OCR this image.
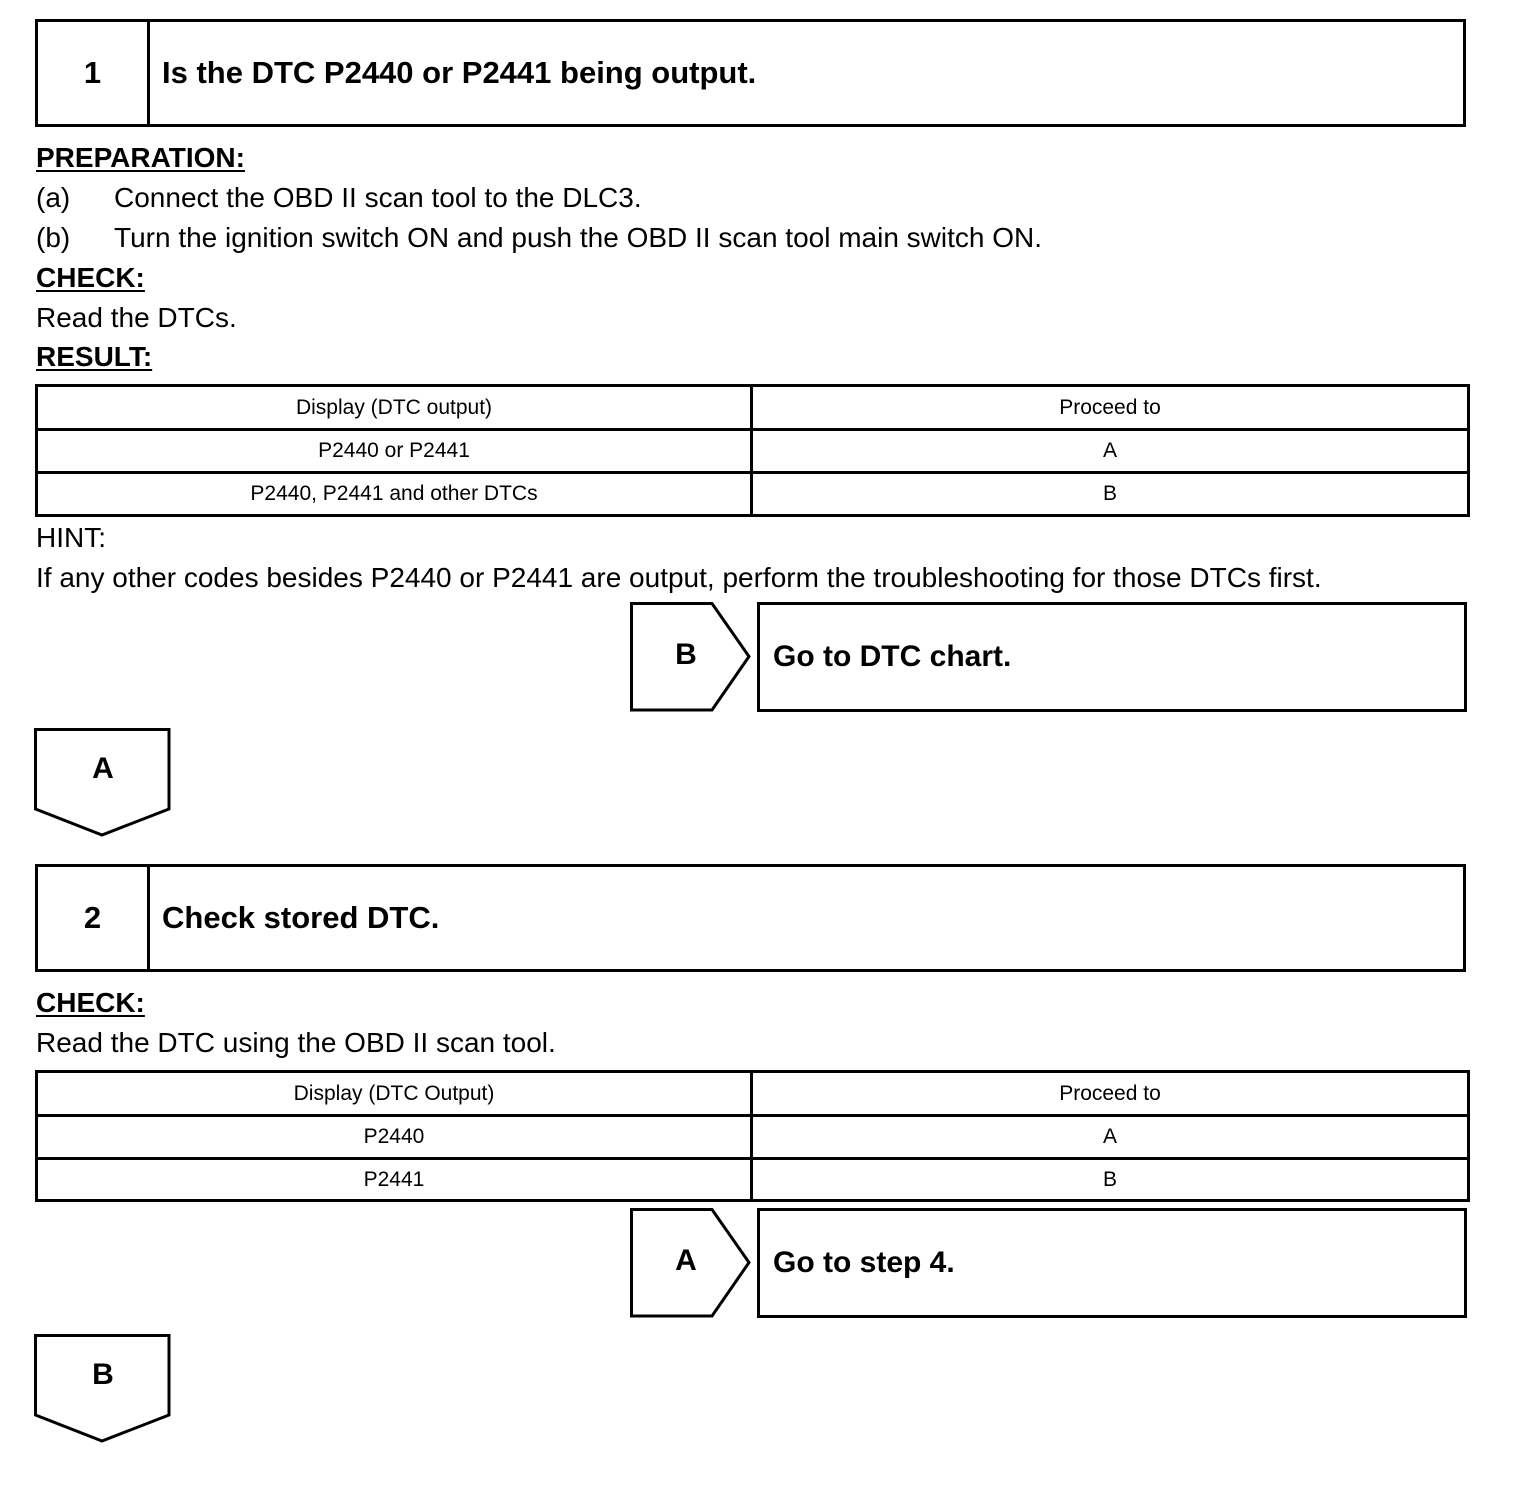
1	Is the DTC P2440 or P2441 being output.
PREPARATION:
(a) Connect the OBD II scan tool to the DLC3.
(b) Turn the ignition switch ON and push the OBD II scan tool main switch ON.
CHECK:
Read the DTCs.
RESULT:
Display (DTC output)	Proceed to
P2440 or P2441	A
P2440, P2441 and other DTCs	B
HINT:
If any other codes besides P2440 or P2441 are output, perform the troubleshooting for those DTCs first.
B	Go to DTC chart.
A
2	Check stored DTC.
CHECK:
Read the DTC using the OBD II scan tool.
Display (DTC Output)	Proceed to
P2440	A
P2441	B
A	Go to step 4.
B
